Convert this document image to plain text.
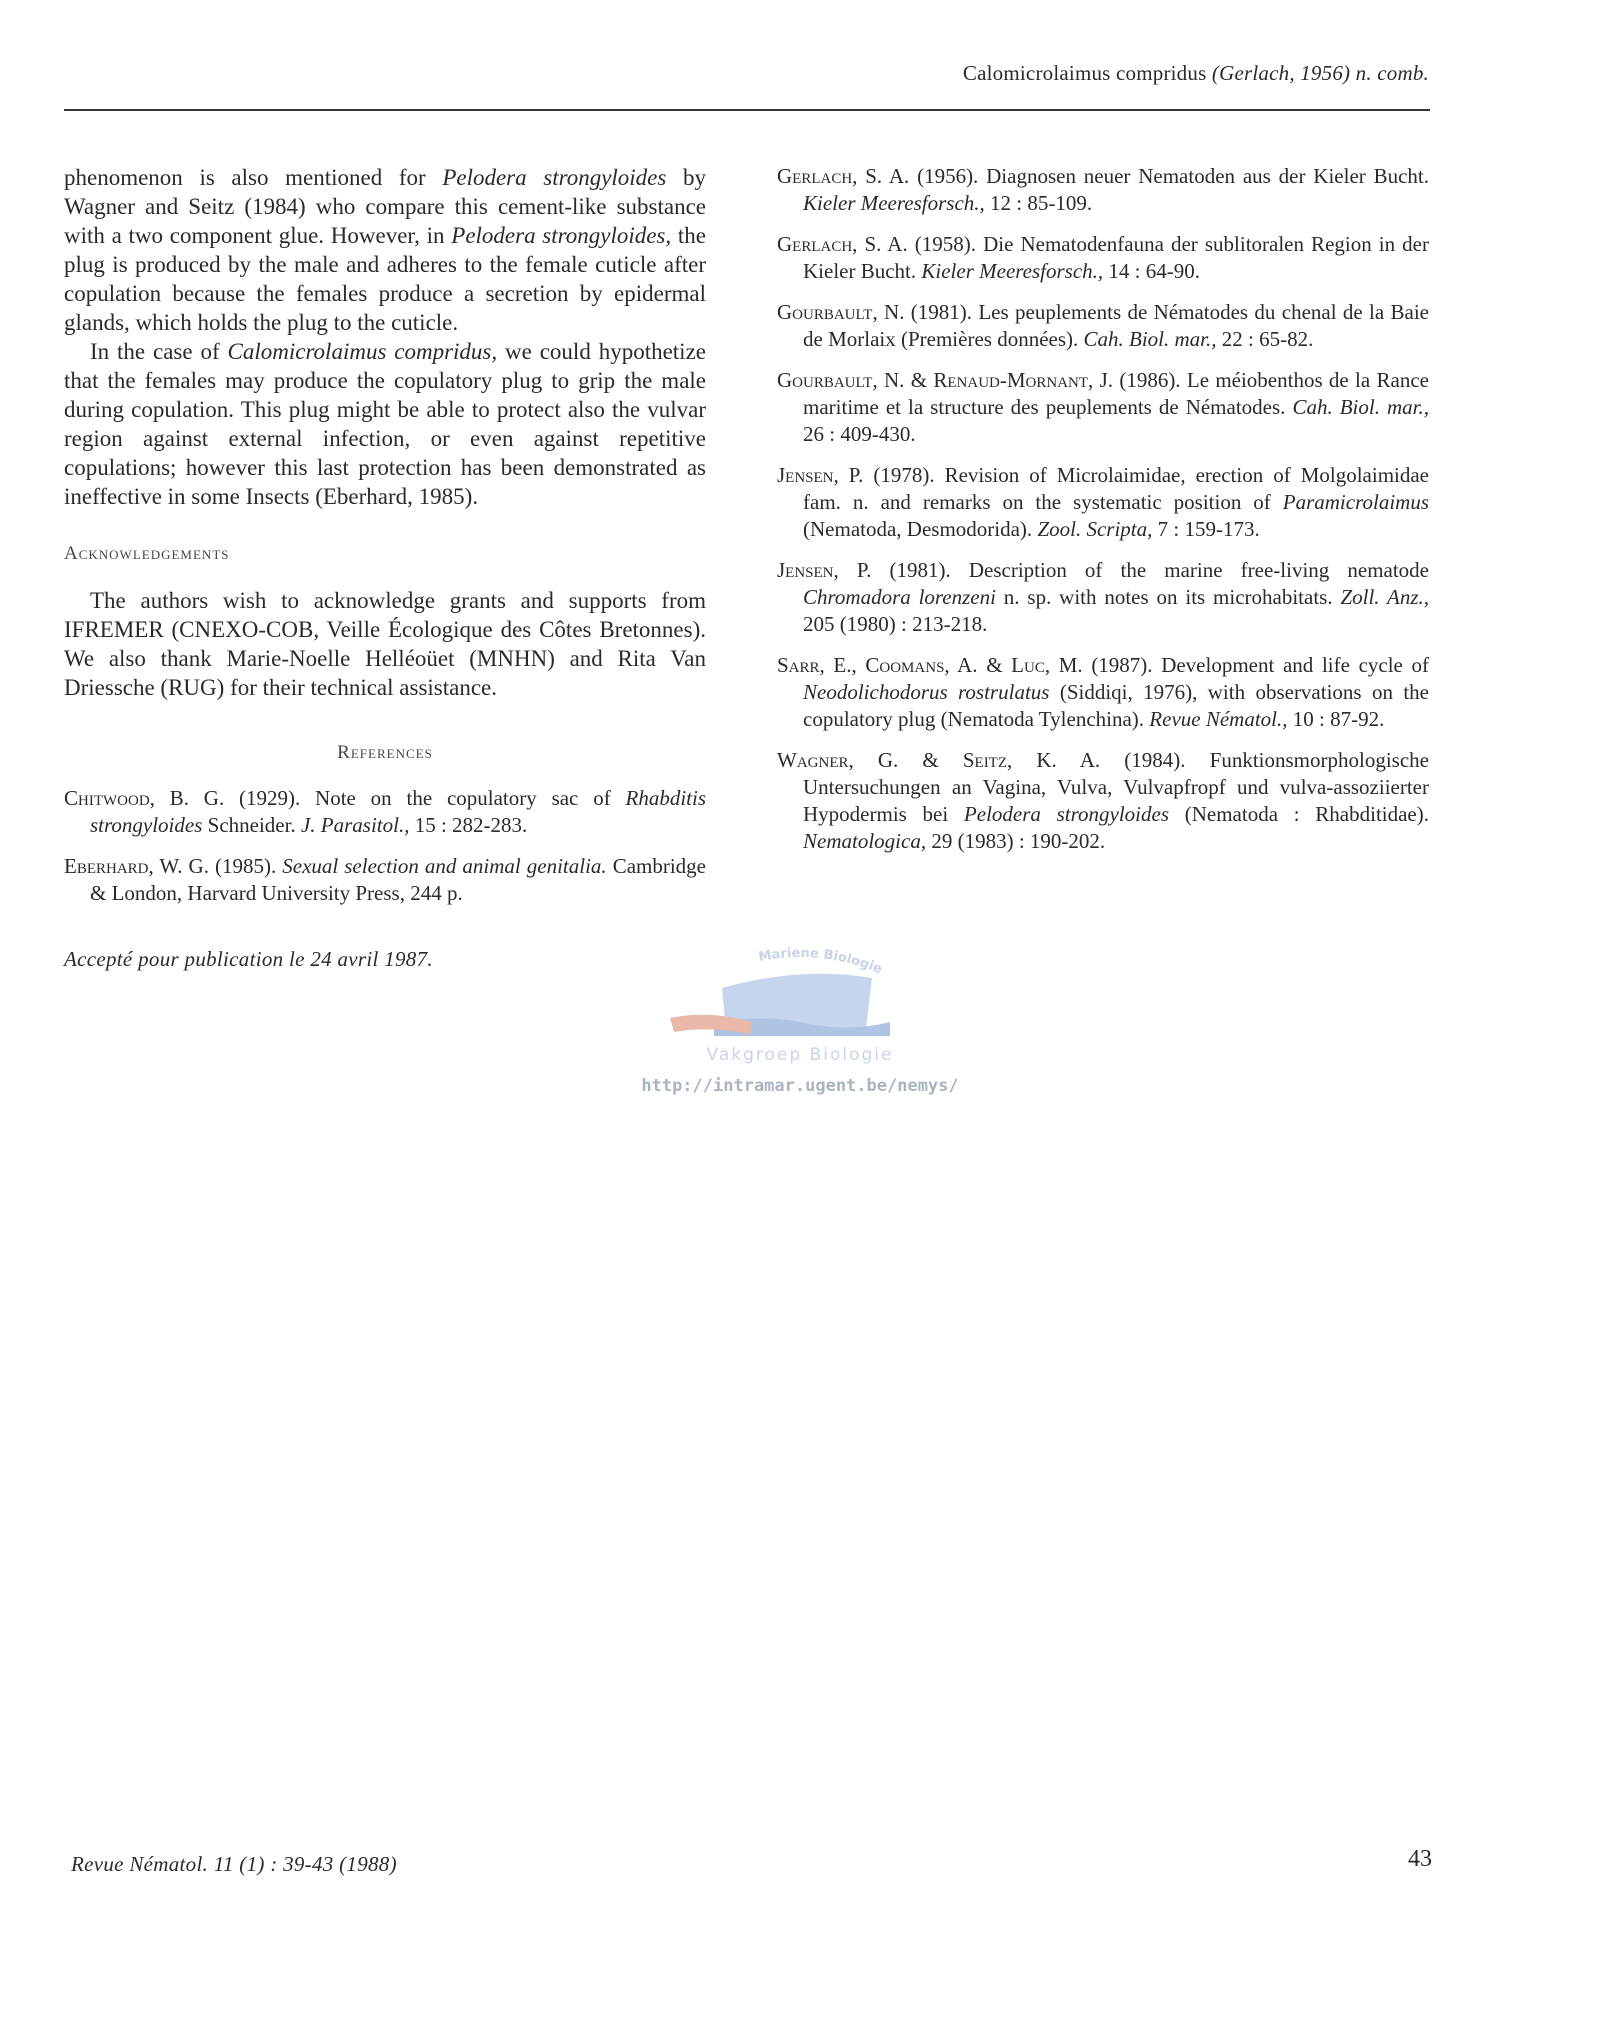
Calomicrolaimus compridus (Gerlach, 1956) n. comb.

phenomenon is also mentioned for Pelodera strongyloides by Wagner and Seitz (1984) who compare this cement-like substance with a two component glue. However, in Pelodera strongyloides, the plug is produced by the male and adheres to the female cuticle after copulation because the females produce a secretion by epidermal glands, which holds the plug to the cuticle.

In the case of Calomicrolaimus compridus, we could hypothetize that the females may produce the copulatory plug to grip the male during copulation. This plug might be able to protect also the vulvar region against external infection, or even against repetitive copulations; however this last protection has been demonstrated as ineffective in some Insects (Eberhard, 1985).

Acknowledgements

The authors wish to acknowledge grants and supports from IFREMER (CNEXO-COB, Veille Écologique des Côtes Bretonnes). We also thank Marie-Noelle Helléoüet (MNHN) and Rita Van Driessche (RUG) for their technical assistance.

References

Chitwood, B. G. (1929). Note on the copulatory sac of Rhabditis strongyloides Schneider. J. Parasitol., 15 : 282-283.

Eberhard, W. G. (1985). Sexual selection and animal genitalia. Cambridge & London, Harvard University Press, 244 p.

Accepté pour publication le 24 avril 1987.

Gerlach, S. A. (1956). Diagnosen neuer Nematoden aus der Kieler Bucht. Kieler Meeresforsch., 12 : 85-109.

Gerlach, S. A. (1958). Die Nematodenfauna der sublitoralen Region in der Kieler Bucht. Kieler Meeresforsch., 14 : 64-90.

Gourbault, N. (1981). Les peuplements de Nématodes du chenal de la Baie de Morlaix (Premières données). Cah. Biol. mar., 22 : 65-82.

Gourbault, N. & Renaud-Mornant, J. (1986). Le méiobenthos de la Rance maritime et la structure des peuplements de Nématodes. Cah. Biol. mar., 26 : 409-430.

Jensen, P. (1978). Revision of Microlaimidae, erection of Molgolaimidae fam. n. and remarks on the systematic position of Paramicrolaimus (Nematoda, Desmodorida). Zool. Scripta, 7 : 159-173.

Jensen, P. (1981). Description of the marine free-living nematode Chromadora lorenzeni n. sp. with notes on its microhabitats. Zoll. Anz., 205 (1980) : 213-218.

Sarr, E., Coomans, A. & Luc, M. (1987). Development and life cycle of Neodolichodorus rostrulatus (Siddiqi, 1976), with observations on the copulatory plug (Nematoda Tylenchina). Revue Nématol., 10 : 87-92.

Wagner, G. & Seitz, K. A. (1984). Funktionsmorphologische Untersuchungen an Vagina, Vulva, Vulvapfropf und vulva-assoziierter Hypodermis bei Pelodera strongyloides (Nematoda : Rhabditidae). Nematologica, 29 (1983) : 190-202.

Mariene Biologie
Vakgroep Biologie
http://intramar.ugent.be/nemys/
Revue Nématol. 11 (1) : 39-43 (1988)	43
